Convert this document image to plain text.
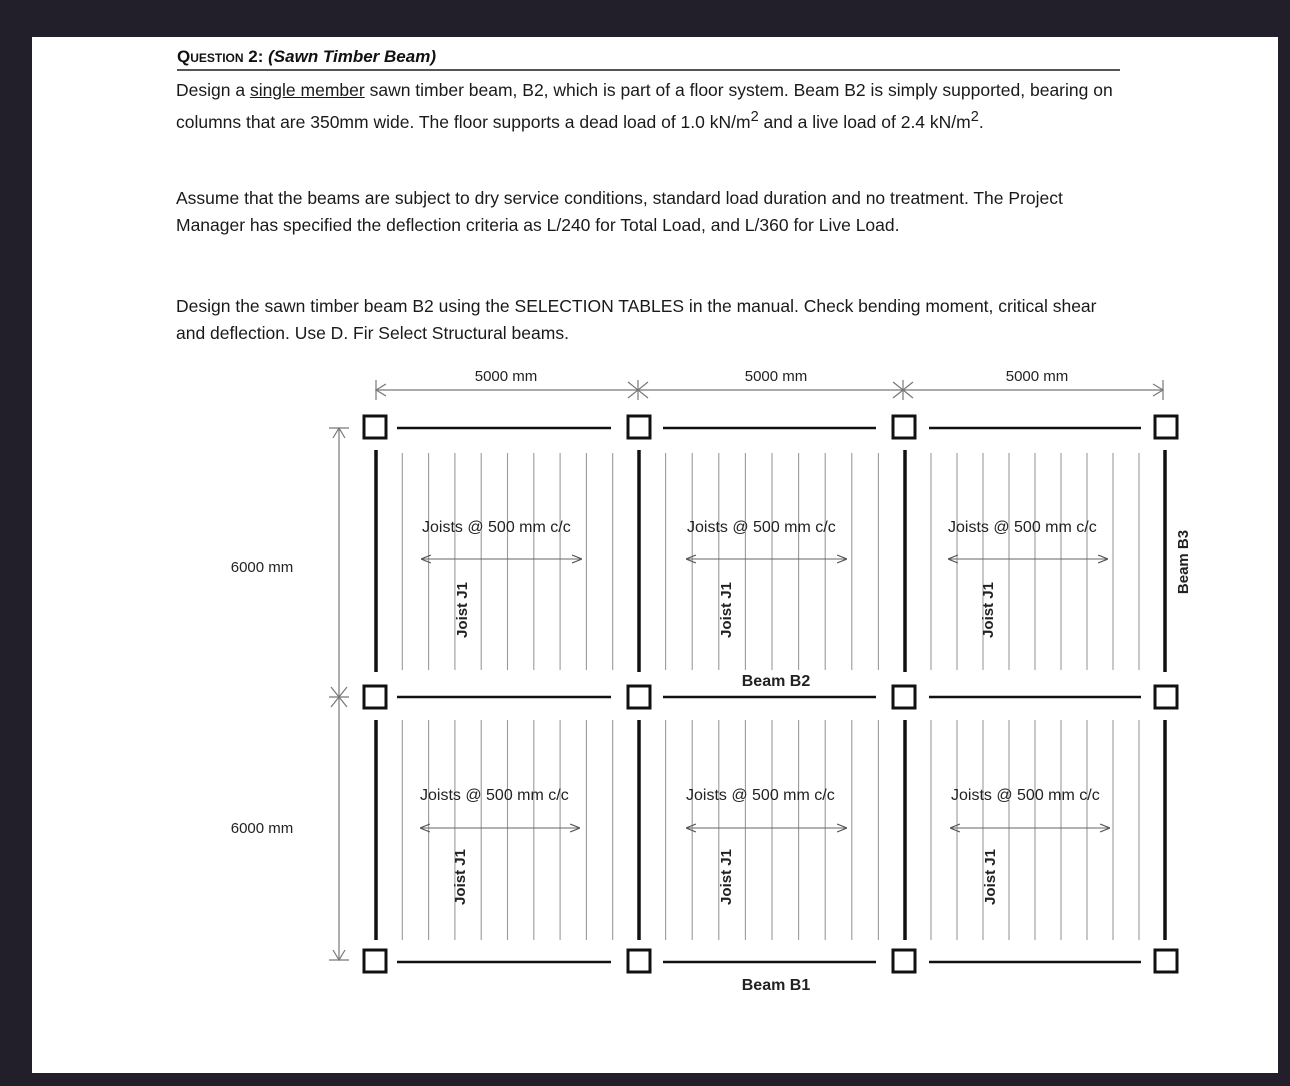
Question 2: (Sawn Timber Beam)
Design a single member sawn timber beam, B2, which is part of a floor system. Beam B2 is simply supported, bearing on columns that are 350mm wide. The floor supports a dead load of 1.0 $kN/m^2$ and a live load of 2.4 $kN/m^2$.
Assume that the beams are subject to dry service conditions, standard load duration and no treatment. The Project Manager has specified the deflection criteria as L/240 for Total Load, and L/360 for Live Load.
Design the sawn timber beam B2 using the SELECTION TABLES in the manual. Check bending moment, critical shear and deflection. Use D. Fir Select Structural beams.
5000 mm	5000 mm	5000 mm
6000 mm
6000 mm
Joists @ 500 mm c/c	Joists @ 500 mm c/c	Joists @ 500 mm c/c
Joists @ 500 mm c/c	Joists @ 500 mm c/c	Joists @ 500 mm c/c
Joist J1	Joist J1	Joist J1
Joist J1	Joist J1	Joist J1
Beam B3
Beam B2
Beam B1
